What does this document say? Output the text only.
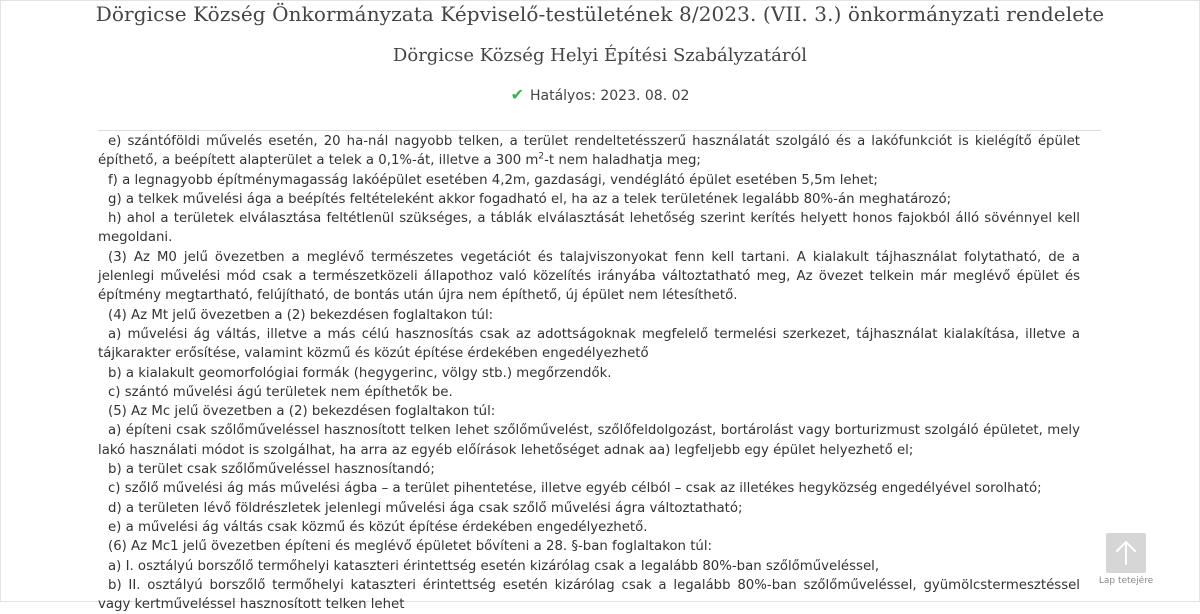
Dörgicse Község Önkormányzata Képviselő-testületének 8/2023. (VII. 3.) önkormányzati rendelete
Dörgicse Község Helyi Építési Szabályzatáról
✔ Hatályos: 2023. 08. 02

e) szántóföldi művelés esetén, 20 ha-nál nagyobb telken, a terület rendeltetésszerű használatát szolgáló és a lakófunkciót is kielégítő épület építhető, a beépített alapterület a telek a 0,1%-át, illetve a 300 $m^2-t$ nem haladhatja meg;

f) a legnagyobb építménymagasság lakóépület esetében 4,2m, gazdasági, vendéglátó épület esetében 5,5m lehet;

g) a telkek művelési ága a beépítés feltételeként akkor fogadható el, ha az a telek területének legalább 80%-án meghatározó;

h) ahol a területek elválasztása feltétlenül szükséges, a táblák elválasztását lehetőség szerint kerítés helyett honos fajokból álló sövénnyel kell megoldani.

(3) Az M0 jelű övezetben a meglévő természetes vegetációt és talajviszonyokat fenn kell tartani. A kialakult tájhasználat folytatható, de a jelenlegi művelési mód csak a természetközeli állapothoz való közelítés irányába változtatható meg, Az övezet telkein már meglévő épület és építmény megtartható, felújítható, de bontás után újra nem építhető, új épület nem létesíthető.

(4) Az Mt jelű övezetben a (2) bekezdésen foglaltakon túl:

a) művelési ág váltás, illetve a más célú hasznosítás csak az adottságoknak megfelelő termelési szerkezet, tájhasználat kialakítása, illetve a tájkarakter erősítése, valamint közmű és közút építése érdekében engedélyezhető

b) a kialakult geomorfológiai formák (hegygerinc, völgy stb.) megőrzendők.

c) szántó művelési ágú területek nem építhetők be.

(5) Az Mc jelű övezetben a (2) bekezdésen foglaltakon túl:

a) építeni csak szőlőműveléssel hasznosított telken lehet szőlőművelést, szőlőfeldolgozást, bortárolást vagy borturizmust szolgáló épületet, mely lakó használati módot is szolgálhat, ha arra az egyéb előírások lehetőséget adnak aa) legfeljebb egy épület helyezhető el;

b) a terület csak szőlőműveléssel hasznosítandó;

c) szőlő művelési ág más művelési ágba – a terület pihentetése, illetve egyéb célból – csak az illetékes hegyközség engedélyével sorolható;

d) a területen lévő földrészletek jelenlegi művelési ága csak szőlő művelési ágra változtatható;

e) a művelési ág váltás csak közmű és közút építése érdekében engedélyezhető.

(6) Az Mc1 jelű övezetben építeni és meglévő épületet bővíteni a 28. §-ban foglaltakon túl:

a) I. osztályú borszőlő termőhelyi kataszteri érintettség esetén kizárólag csak a legalább 80%-ban szőlőműveléssel,

b) II. osztályú borszőlő termőhelyi kataszteri érintettség esetén kizárólag csak a legalább 80%-ban szőlőműveléssel, gyümölcstermesztéssel vagy kertműveléssel hasznosított telken lehet

Lap tetejére
